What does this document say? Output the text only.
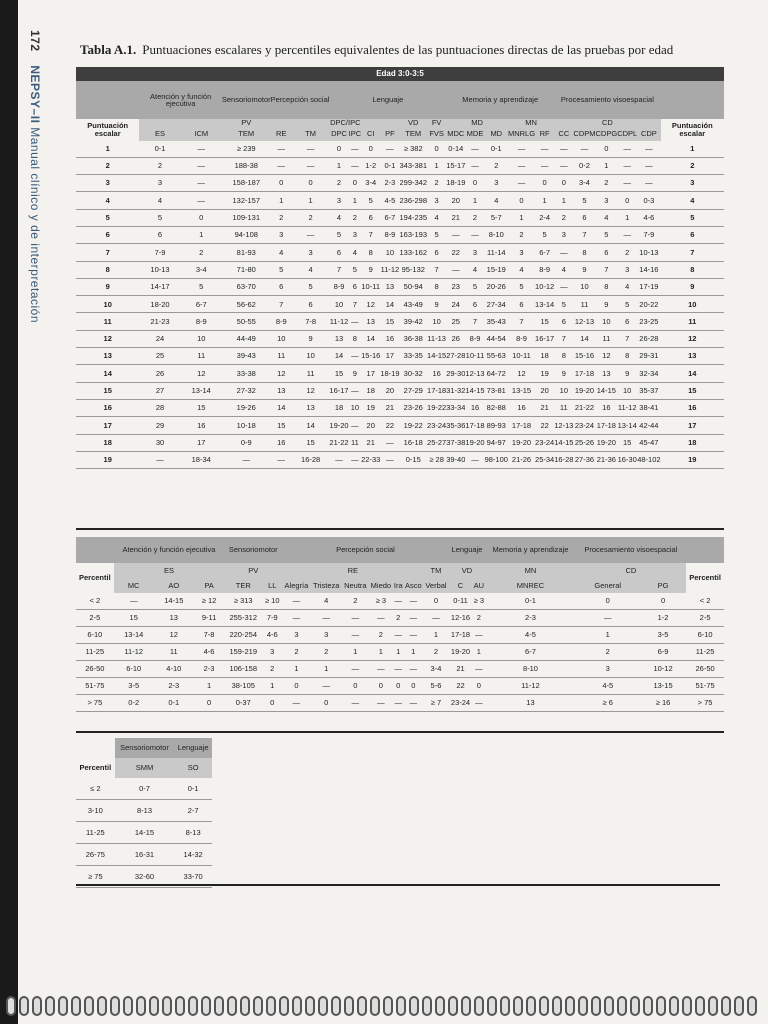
172 NEPSY–II Manual clínico y de interpretación
Tabla A.1. Puntuaciones escalares y percentiles equivalentes de las puntuaciones directas de las pruebas por edad
Edad 3:0-3:5																						
	Atención y función ejecutiva		Sensoriomotor	Percepción social		Lenguaje						Memoria y aprendizaje					Procesamiento visoespacial					
Puntuación escalar			PV			DPC/IPC				VD	FV	MD			MN		CD					Puntuación escalar
	ES	ICM	TEM	RE	TM	DPC	IPC	CI	PF	TEM	FVS	MDC	MDE	MD	MNRLG	RF	CC	CDPM	CDPG	CDPL	CDP	
1	0-1	—	≥ 239	—	—	0	—	0	—	≥ 382	0	0-14	—	0-1	—	—	—	—	0	—	—	1
2	2	—	188-38	—	—	1	—	1-2	0-1	343-381	1	15-17	—	2	—	—	—	0-2	1	—	—	2
3	3	—	158-187	0	0	2	0	3-4	2-3	299-342	2	18-19	0	3	—	0	0	3-4	2	—	—	3
4	4	—	132-157	1	1	3	1	5	4-5	236-298	3	20	1	4	0	1	1	5	3	0	0-3	4
5	5	0	109-131	2	2	4	2	6	6-7	194-235	4	21	2	5-7	1	2-4	2	6	4	1	4-6	5
6	6	1	94-108	3	—	5	3	7	8-9	163-193	5	—	—	8-10	2	5	3	7	5	—	7-9	6
7	7-9	2	81-93	4	3	6	4	8	10	133-162	6	22	3	11-14	3	6-7	—	8	6	2	10-13	7
8	10-13	3-4	71-80	5	4	7	5	9	11-12	95-132	7	—	4	15-19	4	8-9	4	9	7	3	14-16	8
9	14-17	5	63-70	6	5	8-9	6	10-11	13	50-94	8	23	5	20-26	5	10-12	—	10	8	4	17-19	9
10	18-20	6-7	56-62	7	6	10	7	12	14	43-49	9	24	6	27-34	6	13-14	5	11	9	5	20-22	10
11	21-23	8-9	50-55	8-9	7-8	11-12	—	13	15	39-42	10	25	7	35-43	7	15	6	12-13	10	6	23-25	11
12	24	10	44-49	10	9	13	8	14	16	36-38	11-13	26	8-9	44-54	8-9	16-17	7	14	11	7	26-28	12
13	25	11	39-43	11	10	14	—	15-16	17	33-35	14-15	27-28	10-11	55-63	10-11	18	8	15-16	12	8	29-31	13
14	26	12	33-38	12	11	15	9	17	18-19	30-32	16	29-30	12-13	64-72	12	19	9	17-18	13	9	32-34	14
15	27	13-14	27-32	13	12	16-17	—	18	20	27-29	17-18	31-32	14-15	73-81	13-15	20	10	19-20	14-15	10	35-37	15
16	28	15	19-26	14	13	18	10	19	21	23-26	19-22	33-34	16	82-88	16	21	11	21-22	16	11-12	38-41	16
17	29	16	10-18	15	14	19-20	—	20	22	19-22	23-24	35-36	17-18	89-93	17-18	22	12-13	23-24	17-18	13-14	42-44	17
18	30	17	0-9	16	15	21-22	11	21	—	16-18	25-27	37-38	19-20	94-97	19-20	23-24	14-15	25-26	19-20	15	45-47	18
19	—	18-34	—	—	16-28	—	—	22-33	—	0-15	≥ 28	39-40	—	98-100	21-26	25-34	16-28	27-36	21-36	16-30	48-102	19
	Atención y función ejecutiva			Sensoriomotor		Percepción social							Lenguaje		Memoria y aprendizaje	Procesamiento visoespacial		
Percentil	ES			PV		RE						TM	VD		MN	CD		Percentil
	MC	AO	PA	TER	LL	Alegría	Tristeza	Neutra	Miedo	Ira	Asco	Verbal	C	AU	MNREC	General	PG	
< 2	—	14-15	≥ 12	≥ 313	≥ 10	—	4	2	≥ 3	—	—	0	0-11	≥ 3	0-1	0	0	< 2
2-5	15	13	9-11	255-312	7-9	—	—	—	—	2	—	—	12-16	2	2-3	—	1-2	2-5
6-10	13-14	12	7-8	220-254	4-6	3	3	—	2	—	—	1	17-18	—	4-5	1	3-5	6-10
11-25	11-12	11	4-6	159-219	3	2	2	1	1	1	1	2	19-20	1	6-7	2	6-9	11-25
26-50	6-10	4-10	2-3	106-158	2	1	1	—	—	—	—	3-4	21	—	8-10	3	10-12	26-50
51-75	3-5	2-3	1	38-105	1	0	—	0	0	0	0	5-6	22	0	11-12	4-5	13-15	51-75
> 75	0-2	0-1	0	0-37	0	—	0	—	—	—	—	≥ 7	23-24	—	13	≥ 6	≥ 16	> 75
	Sensoriomotor	Lenguaje
Percentil	SMM	SO
≤ 2	0-7	0-1
3-10	8-13	2-7
11-25	14-15	8-13
26-75	16-31	14-32
≥ 75	32-60	33-70
